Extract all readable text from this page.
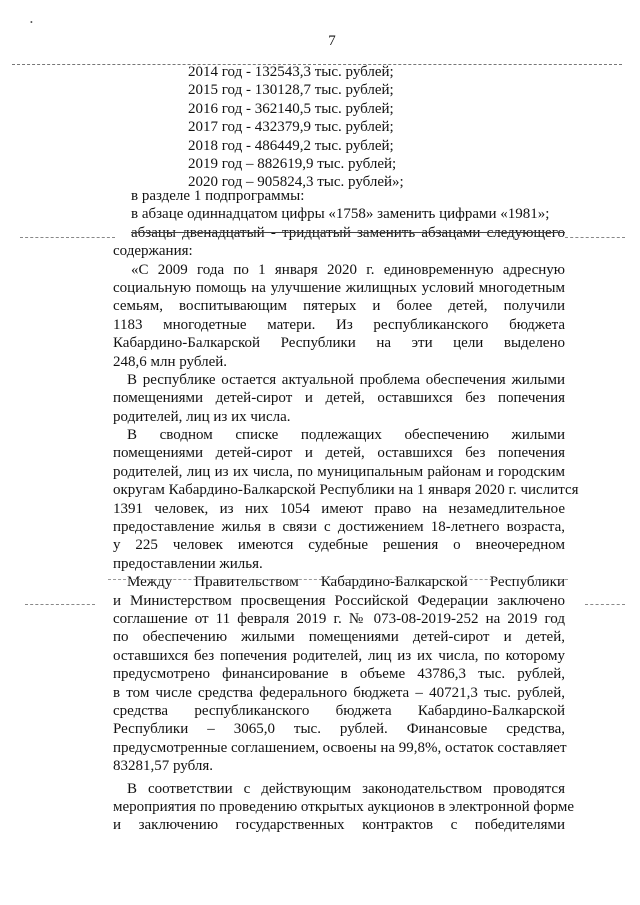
•
7
2014 год - 132543,3 тыс. рублей;
2015 год - 130128,7 тыс. рублей;
2016 год - 362140,5 тыс. рублей;
2017 год - 432379,9 тыс. рублей;
2018 год - 486449,2 тыс. рублей;
2019 год – 882619,9 тыс. рублей;
2020 год – 905824,3 тыс. рублей»;
в разделе 1 подпрограммы:
в абзаце одиннадцатом цифры «1758» заменить цифрами «1981»;
абзацы двенадцатый - тридцатый заменить абзацами следующего
содержания:
«С 2009 года по 1 января 2020 г. единовременную адресную
социальную помощь на улучшение жилищных условий многодетным
семьям, воспитывающим пятерых и более детей, получили
1183 многодетные матери. Из республиканского бюджета
Кабардино-Балкарской Республики на эти цели выделено
248,6 млн рублей.
В республике остается актуальной проблема обеспечения жилыми
помещениями детей-сирот и детей, оставшихся без попечения
родителей, лиц из их числа.
В сводном списке подлежащих обеспечению жилыми
помещениями детей-сирот и детей, оставшихся без попечения
родителей, лиц из их числа, по муниципальным районам и городским
округам Кабардино-Балкарской Республики на 1 января 2020 г. числится
1391 человек, из них 1054 имеют право на незамедлительное
предоставление жилья в связи с достижением 18-летнего возраста,
у 225 человек имеются судебные решения о внеочередном
предоставлении жилья.
Между Правительством Кабардино-Балкарской Республики
и Министерством просвещения Российской Федерации заключено
соглашение от 11 февраля 2019 г. № 073-08-2019-252 на 2019 год
по обеспечению жилыми помещениями детей-сирот и детей,
оставшихся без попечения родителей, лиц из их числа, по которому
предусмотрено финансирование в объеме 43786,3 тыс. рублей,
в том числе средства федерального бюджета – 40721,3 тыс. рублей,
средства республиканского бюджета Кабардино-Балкарской
Республики – 3065,0 тыс. рублей. Финансовые средства,
предусмотренные соглашением, освоены на 99,8%, остаток составляет
83281,57 рубля.
В соответствии с действующим законодательством проводятся
мероприятия по проведению открытых аукционов в электронной форме
и заключению государственных контрактов с победителями
